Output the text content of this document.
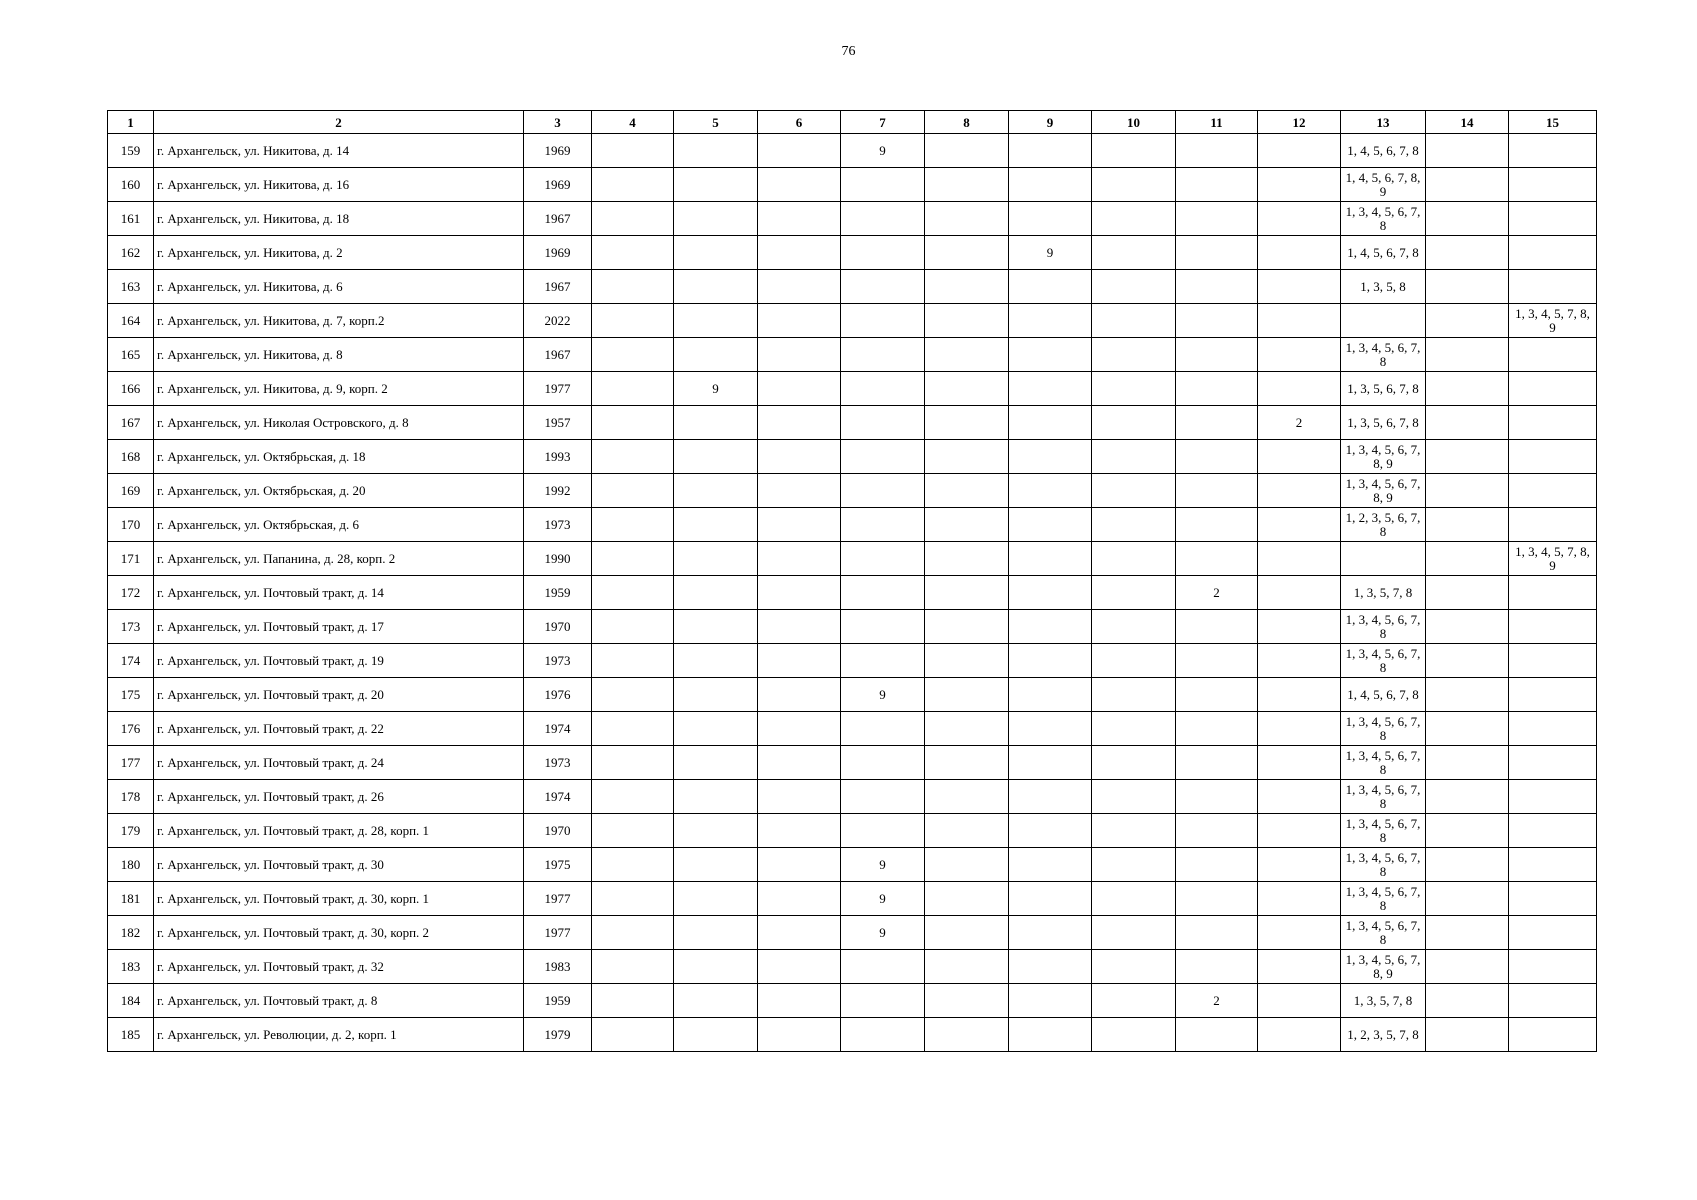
76
1	2	3	4	5	6	7	8	9	10	11	12	13	14	15
159	г. Архангельск, ул. Никитова, д. 14	1969				9						1, 4, 5, 6, 7, 8		
160	г. Архангельск, ул. Никитова, д. 16	1969										1, 4, 5, 6, 7, 8, 9		
161	г. Архангельск, ул. Никитова, д. 18	1967										1, 3, 4, 5, 6, 7, 8		
162	г. Архангельск, ул. Никитова, д. 2	1969						9				1, 4, 5, 6, 7, 8		
163	г. Архангельск, ул. Никитова, д. 6	1967										1, 3, 5, 8		
164	г. Архангельск, ул. Никитова, д. 7, корп.2	2022												1, 3, 4, 5, 7, 8, 9
165	г. Архангельск, ул. Никитова, д. 8	1967										1, 3, 4, 5, 6, 7, 8		
166	г. Архангельск, ул. Никитова, д. 9, корп. 2	1977		9								1, 3, 5, 6, 7, 8		
167	г. Архангельск, ул. Николая Островского, д. 8	1957									2	1, 3, 5, 6, 7, 8		
168	г. Архангельск, ул. Октябрьская, д. 18	1993										1, 3, 4, 5, 6, 7, 8, 9		
169	г. Архангельск, ул. Октябрьская, д. 20	1992										1, 3, 4, 5, 6, 7, 8, 9		
170	г. Архангельск, ул. Октябрьская, д. 6	1973										1, 2, 3, 5, 6, 7, 8		
171	г. Архангельск, ул. Папанина, д. 28, корп. 2	1990												1, 3, 4, 5, 7, 8, 9
172	г. Архангельск, ул. Почтовый тракт, д. 14	1959								2		1, 3, 5, 7, 8		
173	г. Архангельск, ул. Почтовый тракт, д. 17	1970										1, 3, 4, 5, 6, 7, 8		
174	г. Архангельск, ул. Почтовый тракт, д. 19	1973										1, 3, 4, 5, 6, 7, 8		
175	г. Архангельск, ул. Почтовый тракт, д. 20	1976				9						1, 4, 5, 6, 7, 8		
176	г. Архангельск, ул. Почтовый тракт, д. 22	1974										1, 3, 4, 5, 6, 7, 8		
177	г. Архангельск, ул. Почтовый тракт, д. 24	1973										1, 3, 4, 5, 6, 7, 8		
178	г. Архангельск, ул. Почтовый тракт, д. 26	1974										1, 3, 4, 5, 6, 7, 8		
179	г. Архангельск, ул. Почтовый тракт, д. 28, корп. 1	1970										1, 3, 4, 5, 6, 7, 8		
180	г. Архангельск, ул. Почтовый тракт, д. 30	1975				9						1, 3, 4, 5, 6, 7, 8		
181	г. Архангельск, ул. Почтовый тракт, д. 30, корп. 1	1977				9						1, 3, 4, 5, 6, 7, 8		
182	г. Архангельск, ул. Почтовый тракт, д. 30, корп. 2	1977				9						1, 3, 4, 5, 6, 7, 8		
183	г. Архангельск, ул. Почтовый тракт, д. 32	1983										1, 3, 4, 5, 6, 7, 8, 9		
184	г. Архангельск, ул. Почтовый тракт, д. 8	1959								2		1, 3, 5, 7, 8		
185	г. Архангельск, ул. Революции, д. 2, корп. 1	1979										1, 2, 3, 5, 7, 8		
